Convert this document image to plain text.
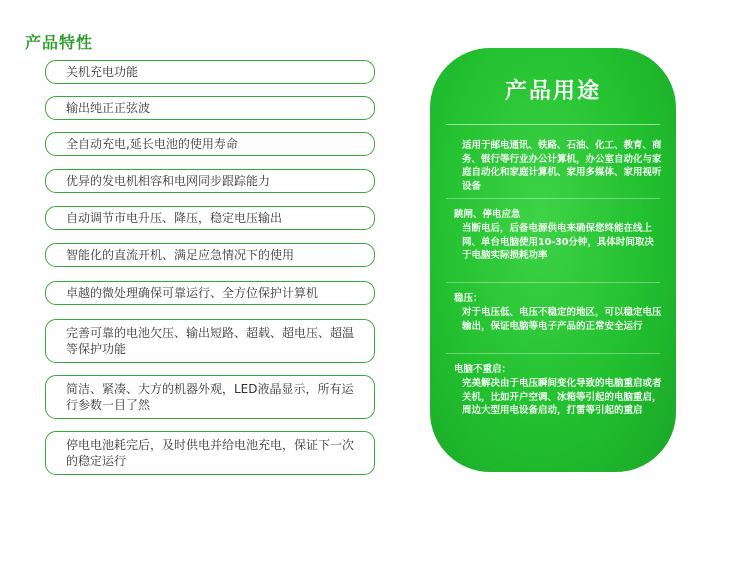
产品特性
关机充电功能
输出纯正正弦波
全自动充电,延长电池的使用寿命
优异的发电机相容和电网同步跟踪能力
自动调节市电升压、降压，稳定电压输出
智能化的直流开机、满足应急情况下的使用
卓越的微处理确保可靠运行、全方位保护计算机
完善可靠的电池欠压、输出短路、超载、超电压、超温等保护功能
简洁、紧凑、大方的机器外观，LED液晶显示，所有运行参数一目了然
停电电池耗完后，及时供电并给电池充电，保证下一次的稳定运行
产品用途
适用于邮电通讯、铁路、石油、化工、教育、商务、银行等行业办公计算机，办公室自动化与家庭自动化和家庭计算机、家用多媒体、家用视听设备
跳闸、停电应急
当断电后，后备电源供电来确保您终能在线上网、单台电脑使用10-30分钟，具体时间取决于电脑实际损耗功率
稳压：
对于电压低、电压不稳定的地区，可以稳定电压输出，保证电脑等电子产品的正常安全运行
电脑不重启：
完美解决由于电压瞬间变化导致的电脑重启或者关机，比如开户空调、冰箱等引起的电脑重启，周边大型用电设备启动，打雷等引起的重启
